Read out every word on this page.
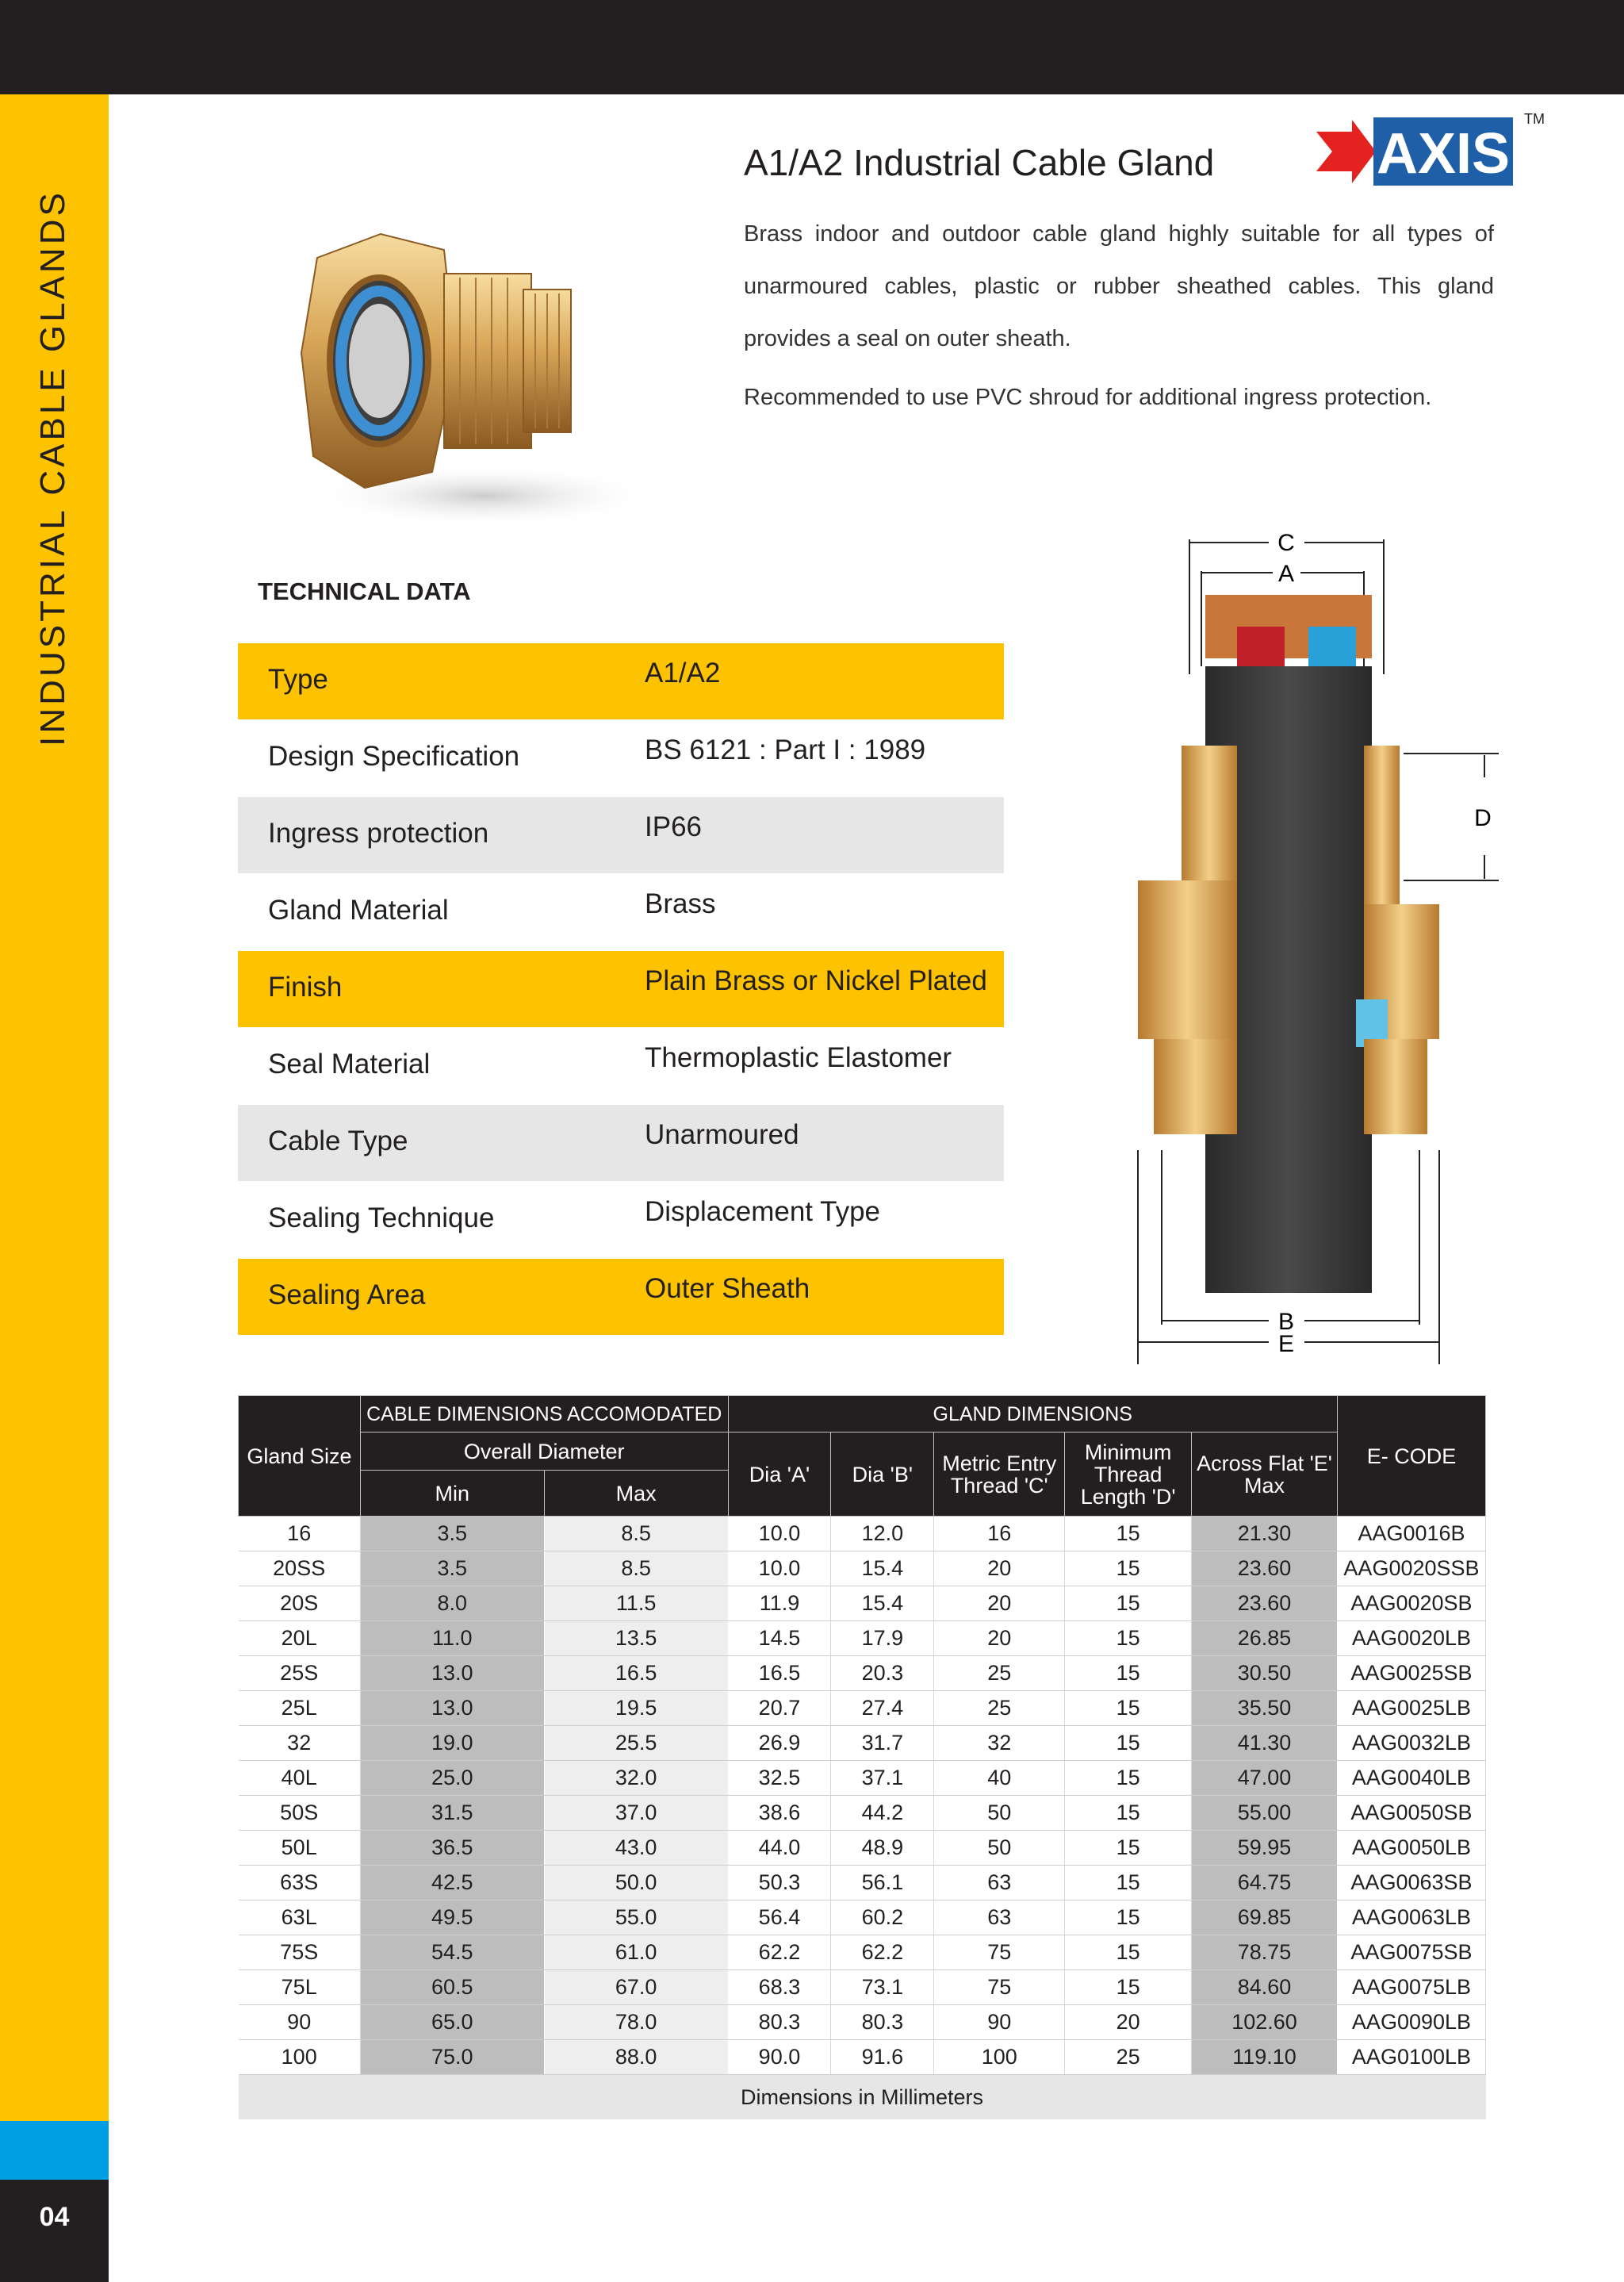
INDUSTRIAL CABLE GLANDS
04
A1/A2 Industrial Cable Gland	AXIS
TM
Brass indoor and outdoor cable gland highly suitable for all types of unarmoured cables, plastic or rubber sheathed cables. This gland provides a seal on outer sheath.
Recommended to use PVC shroud for additional ingress protection.
TECHNICAL DATA
Type	A1/A2
Design Specification	BS 6121 : Part I : 1989
Ingress protection	IP66
Gland Material	Brass
Finish	Plain Brass or Nickel Plated
Seal Material	Thermoplastic Elastomer
Cable Type	Unarmoured
Sealing Technique	Displacement Type
Sealing Area	Outer Sheath
C
A
D
B
E
Gland Size	CABLE DIMENSIONS ACCOMODATED		GLAND DIMENSIONS					E- CODE
	Overall Diameter		Dia 'A'	Dia 'B'	Metric Entry Thread 'C'	Minimum Thread Length 'D'	Across Flat 'E' Max	
	Min	Max						
16	3.5	8.5	10.0	12.0	16	15	21.30	AAG0016B
20SS	3.5	8.5	10.0	15.4	20	15	23.60	AAG0020SSB
20S	8.0	11.5	11.9	15.4	20	15	23.60	AAG0020SB
20L	11.0	13.5	14.5	17.9	20	15	26.85	AAG0020LB
25S	13.0	16.5	16.5	20.3	25	15	30.50	AAG0025SB
25L	13.0	19.5	20.7	27.4	25	15	35.50	AAG0025LB
32	19.0	25.5	26.9	31.7	32	15	41.30	AAG0032LB
40L	25.0	32.0	32.5	37.1	40	15	47.00	AAG0040LB
50S	31.5	37.0	38.6	44.2	50	15	55.00	AAG0050SB
50L	36.5	43.0	44.0	48.9	50	15	59.95	AAG0050LB
63S	42.5	50.0	50.3	56.1	63	15	64.75	AAG0063SB
63L	49.5	55.0	56.4	60.2	63	15	69.85	AAG0063LB
75S	54.5	61.0	62.2	62.2	75	15	78.75	AAG0075SB
75L	60.5	67.0	68.3	73.1	75	15	84.60	AAG0075LB
90	65.0	78.0	80.3	80.3	90	20	102.60	AAG0090LB
100	75.0	88.0	90.0	91.6	100	25	119.10	AAG0100LB
Dimensions in Millimeters								
